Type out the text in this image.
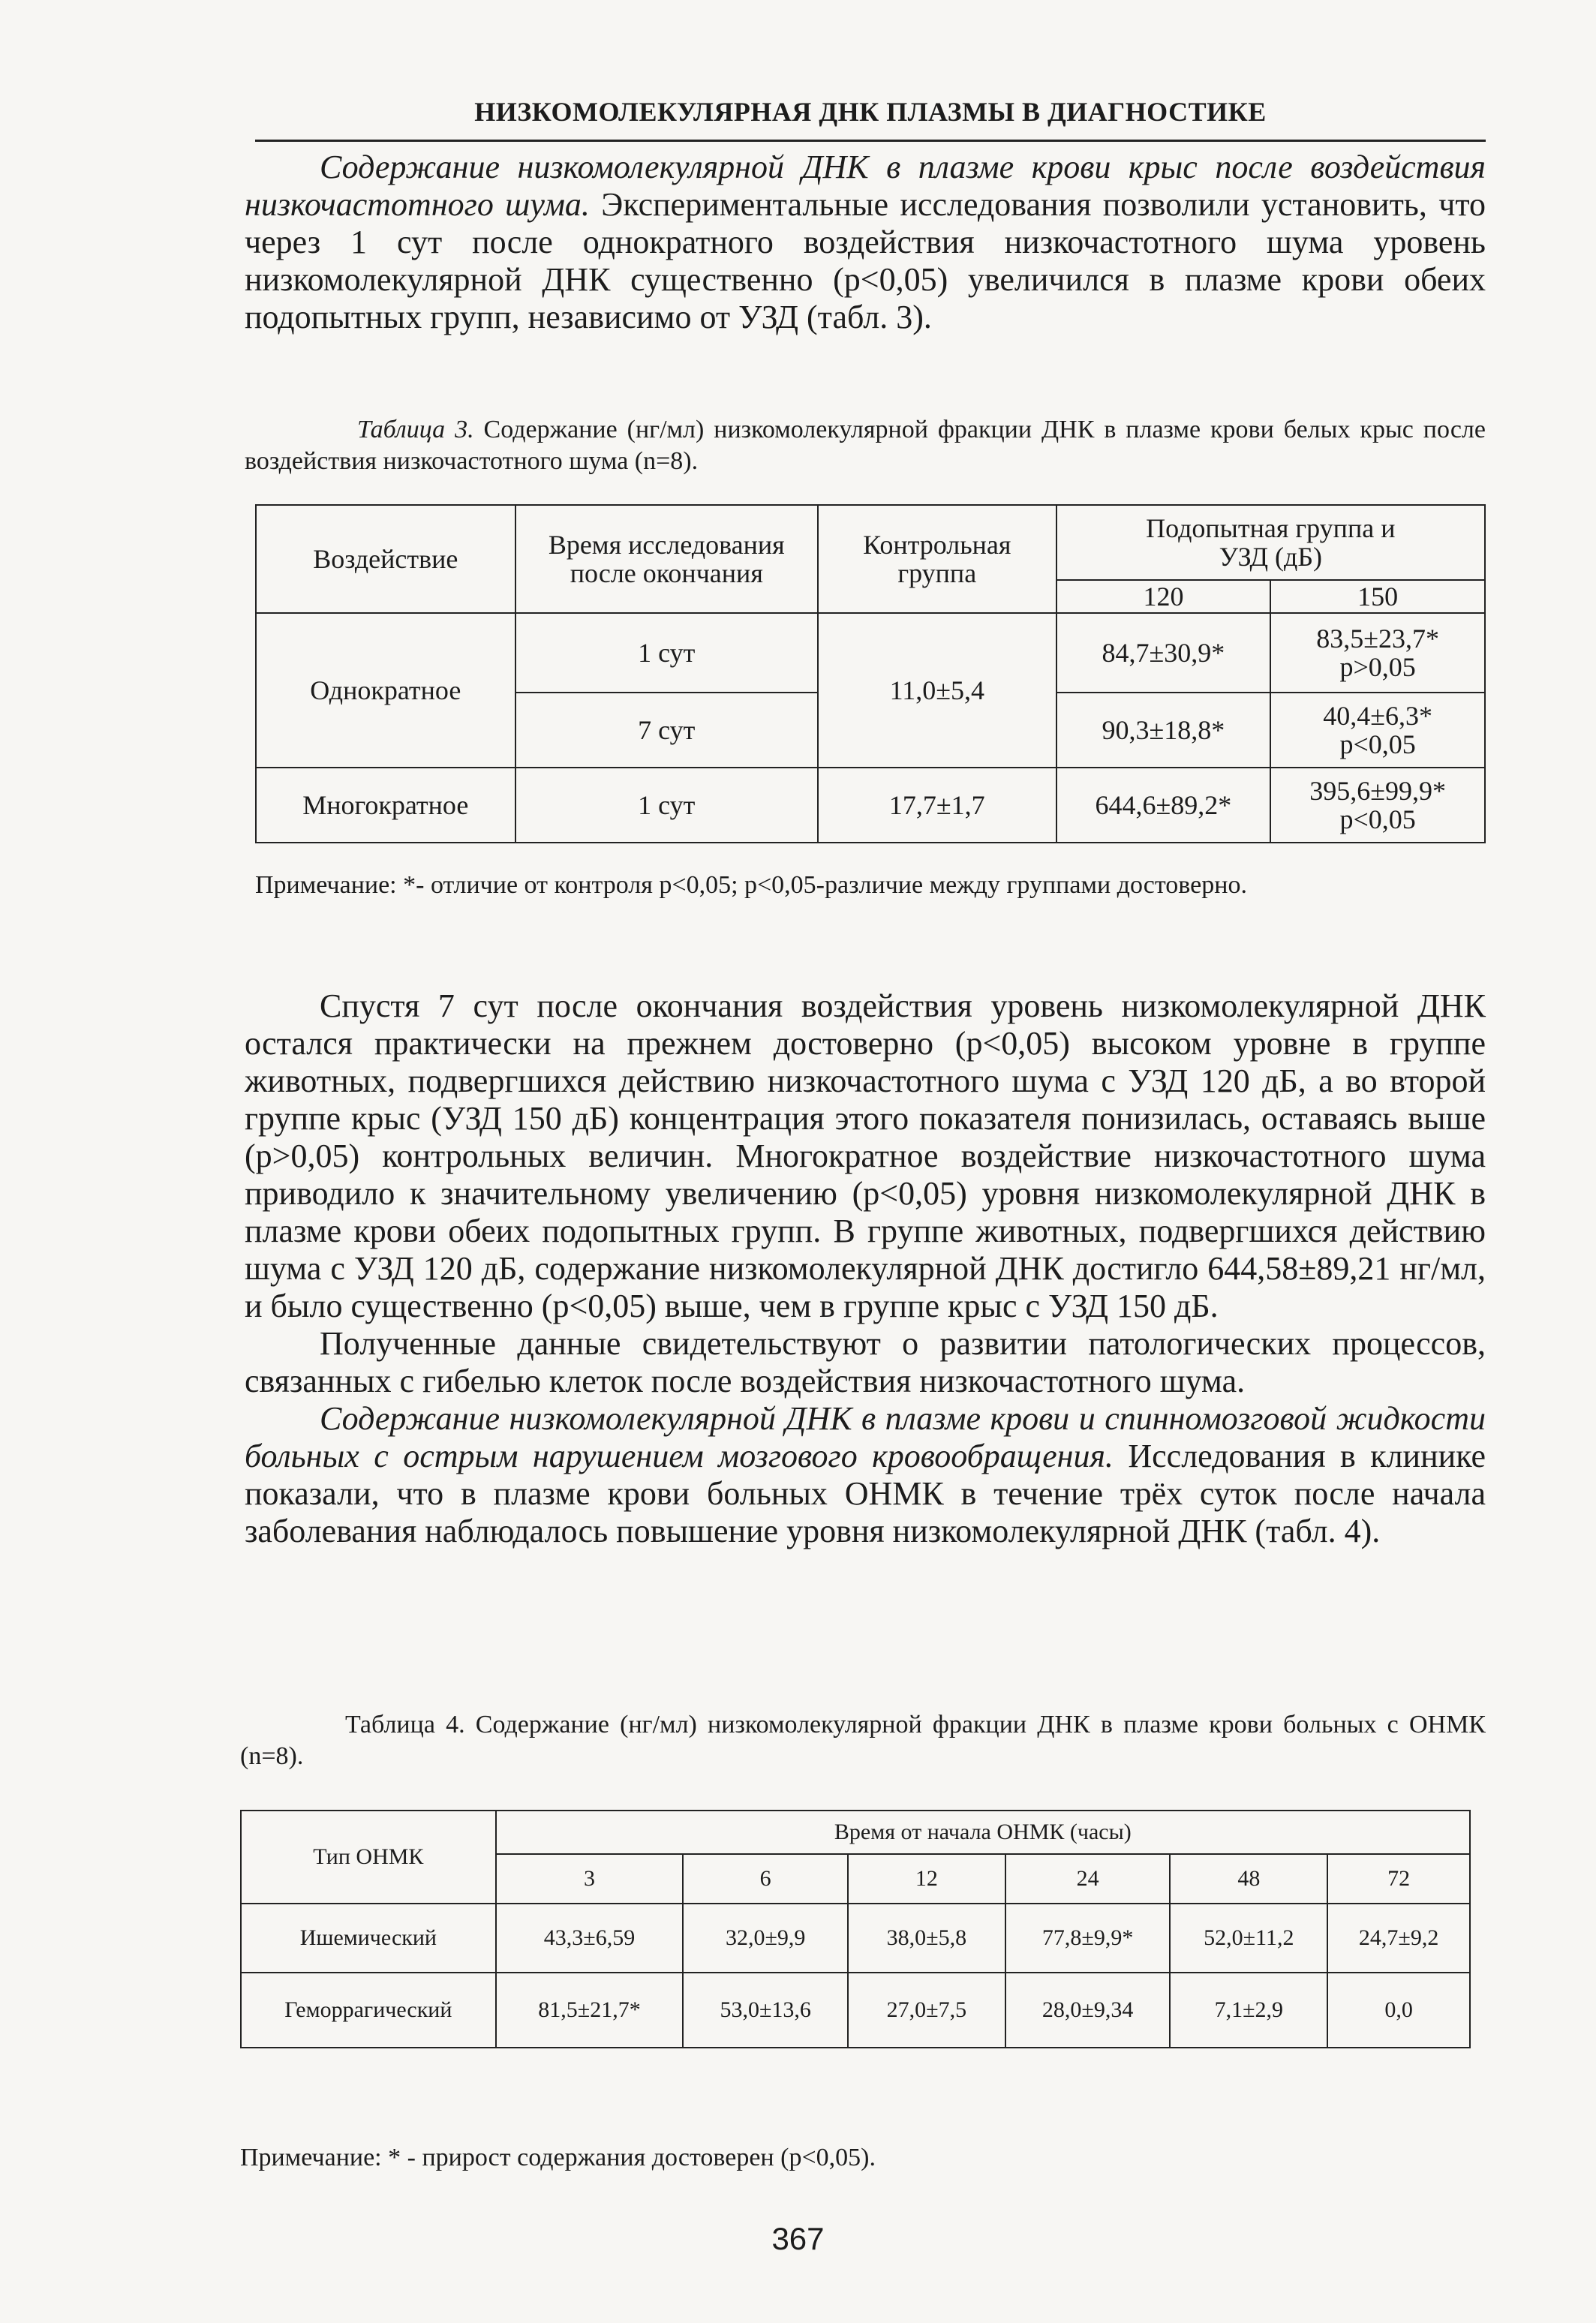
НИЗКОМОЛЕКУЛЯРНАЯ ДНК ПЛАЗМЫ В ДИАГНОСТИКЕ

Содержание низкомолекулярной ДНК в плазме крови крыс после воздействия низкочастотного шума. Экспериментальные исследования позволили установить, что через 1 сут после однократного воздействия низкочастотного шума уровень низкомолекулярной ДНК существенно (р<0,05) увеличился в плазме крови обеих подопытных групп, независимо от УЗД (табл. 3).

Таблица 3. Содержание (нг/мл) низкомолекулярной фракции ДНК в плазме крови белых крыс после воздействия низкочастотного шума (n=8).
Воздействие	Время исследования после окончания	Контрольная группа	Подопытная группа и УЗД (дБ)	
			120	150
Однократное	1 сут	11,0±5,4	84,7±30,9*	83,5±23,7*
р>0,05

	7 сут		90,3±18,8*	40,4±6,3*
р<0,05

Многократное	1 сут	17,7±1,7	644,6±89,2*	395,6±99,9*
р<0,05
Примечание: *- отличие от контроля р<0,05; р<0,05-различие между группами достоверно.

Спустя 7 сут после окончания воздействия уровень низкомолекулярной ДНК остался практически на прежнем достоверно (р<0,05) высоком уровне в группе животных, подвергшихся действию низкочастотного шума с УЗД 120 дБ, а во второй группе крыс (УЗД 150 дБ) концентрация этого показателя понизилась, оставаясь выше (р>0,05) контрольных величин. Многократное воздействие низкочастотного шума приводило к значительному увеличению (р<0,05) уровня низкомолекулярной ДНК в плазме крови обеих подопытных групп. В группе животных, подвергшихся действию шума с УЗД 120 дБ, содержание низкомолекулярной ДНК достигло 644,58±89,21 нг/мл, и было существенно (р<0,05) выше, чем в группе крыс с УЗД 150 дБ.

Полученные данные свидетельствуют о развитии патологических процессов, связанных с гибелью клеток после воздействия низкочастотного шума.

Содержание низкомолекулярной ДНК в плазме крови и спинномозговой жидкости больных с острым нарушением мозгового кровообращения. Исследования в клинике показали, что в плазме крови больных ОНМК в течение трёх суток после начала заболевания наблюдалось повышение уровня низкомолекулярной ДНК (табл. 4).

Таблица 4. Содержание (нг/мл) низкомолекулярной фракции ДНК в плазме крови больных с ОНМК (n=8).
Тип ОНМК	Время от начала ОНМК (часы)					
	3	6	12	24	48	72
Ишемический	43,3±6,59	32,0±9,9	38,0±5,8	77,8±9,9*	52,0±11,2	24,7±9,2
Геморрагический	81,5±21,7*	53,0±13,6	27,0±7,5	28,0±9,34	7,1±2,9	0,0
Примечание: * - прирост содержания достоверен (р<0,05).
367
